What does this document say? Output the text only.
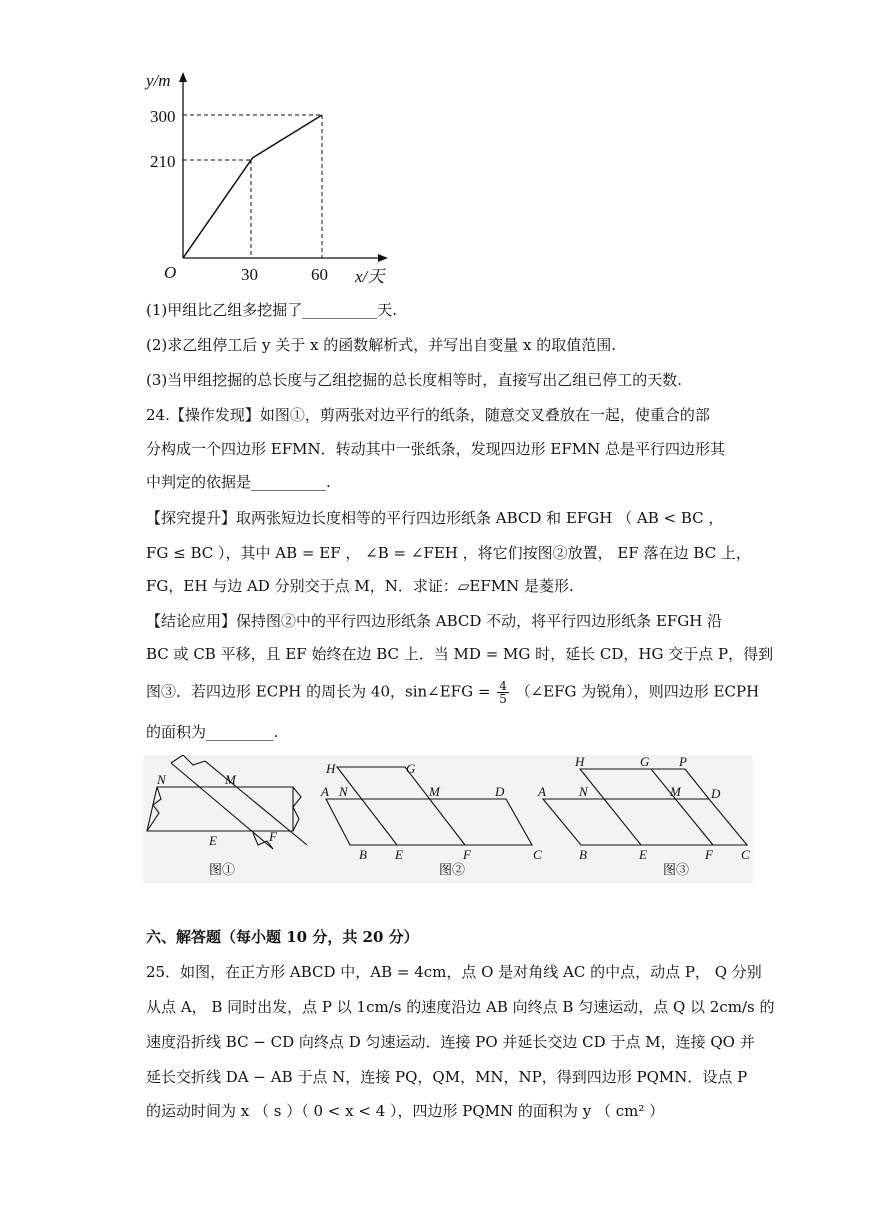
y/m
300
210
O	30	60 x/天
(1)甲组比乙组多挖掘了__________天.
(2)求乙组停工后 y 关于 x 的函数解析式，并写出自变量 x 的取值范围.
(3)当甲组挖掘的总长度与乙组挖掘的总长度相等时，直接写出乙组已停工的天数.
24.【操作发现】如图①，剪两张对边平行的纸条，随意交叉叠放在一起，使重合的部
分构成一个四边形 EFMN．转动其中一张纸条，发现四边形 EFMN 总是平行四边形其
中判定的依据是__________.
【探究提升】取两张短边长度相等的平行四边形纸条 ABCD 和 EFGH （ AB < BC ，
FG ≤ BC ），其中 AB = EF ， ∠B = ∠FEH ，将它们按图②放置， EF 落在边 BC 上，
FG，EH 与边 AD 分别交于点 M，N．求证：▱EFMN 是菱形.
【结论应用】保持图②中的平行四边形纸条 ABCD 不动，将平行四边形纸条 EFGH 沿
BC 或 CB 平移，且 EF 始终在边 BC 上．当 MD = MG 时，延长 CD，HG 交于点 P，得到
图③．若四边形 ECPH 的周长为 40，sin∠EFG = $\frac{4}{5}$ （∠EFG 为锐角），则四边形 ECPH
的面积为_________.
N	M
E	F
图①
H	G
A N	M	D
B E	F	C
图②
H	G P
A	N	M D
B	E	F C
图③
六、解答题（每小题 10 分，共 20 分）
25．如图，在正方形 ABCD 中，AB = 4cm，点 O 是对角线 AC 的中点，动点 P， Q 分别
从点 A， B 同时出发，点 P 以 1cm/s 的速度沿边 AB 向终点 B 匀速运动，点 Q 以 2cm/s 的
速度沿折线 BC − CD 向终点 D 匀速运动．连接 PO 并延长交边 CD 于点 M，连接 QO 并
延长交折线 DA − AB 于点 N，连接 PQ，QM，MN，NP，得到四边形 PQMN．设点 P
的运动时间为 x （ s ）（ 0 < x < 4 ），四边形 PQMN 的面积为 y （ cm² ）
